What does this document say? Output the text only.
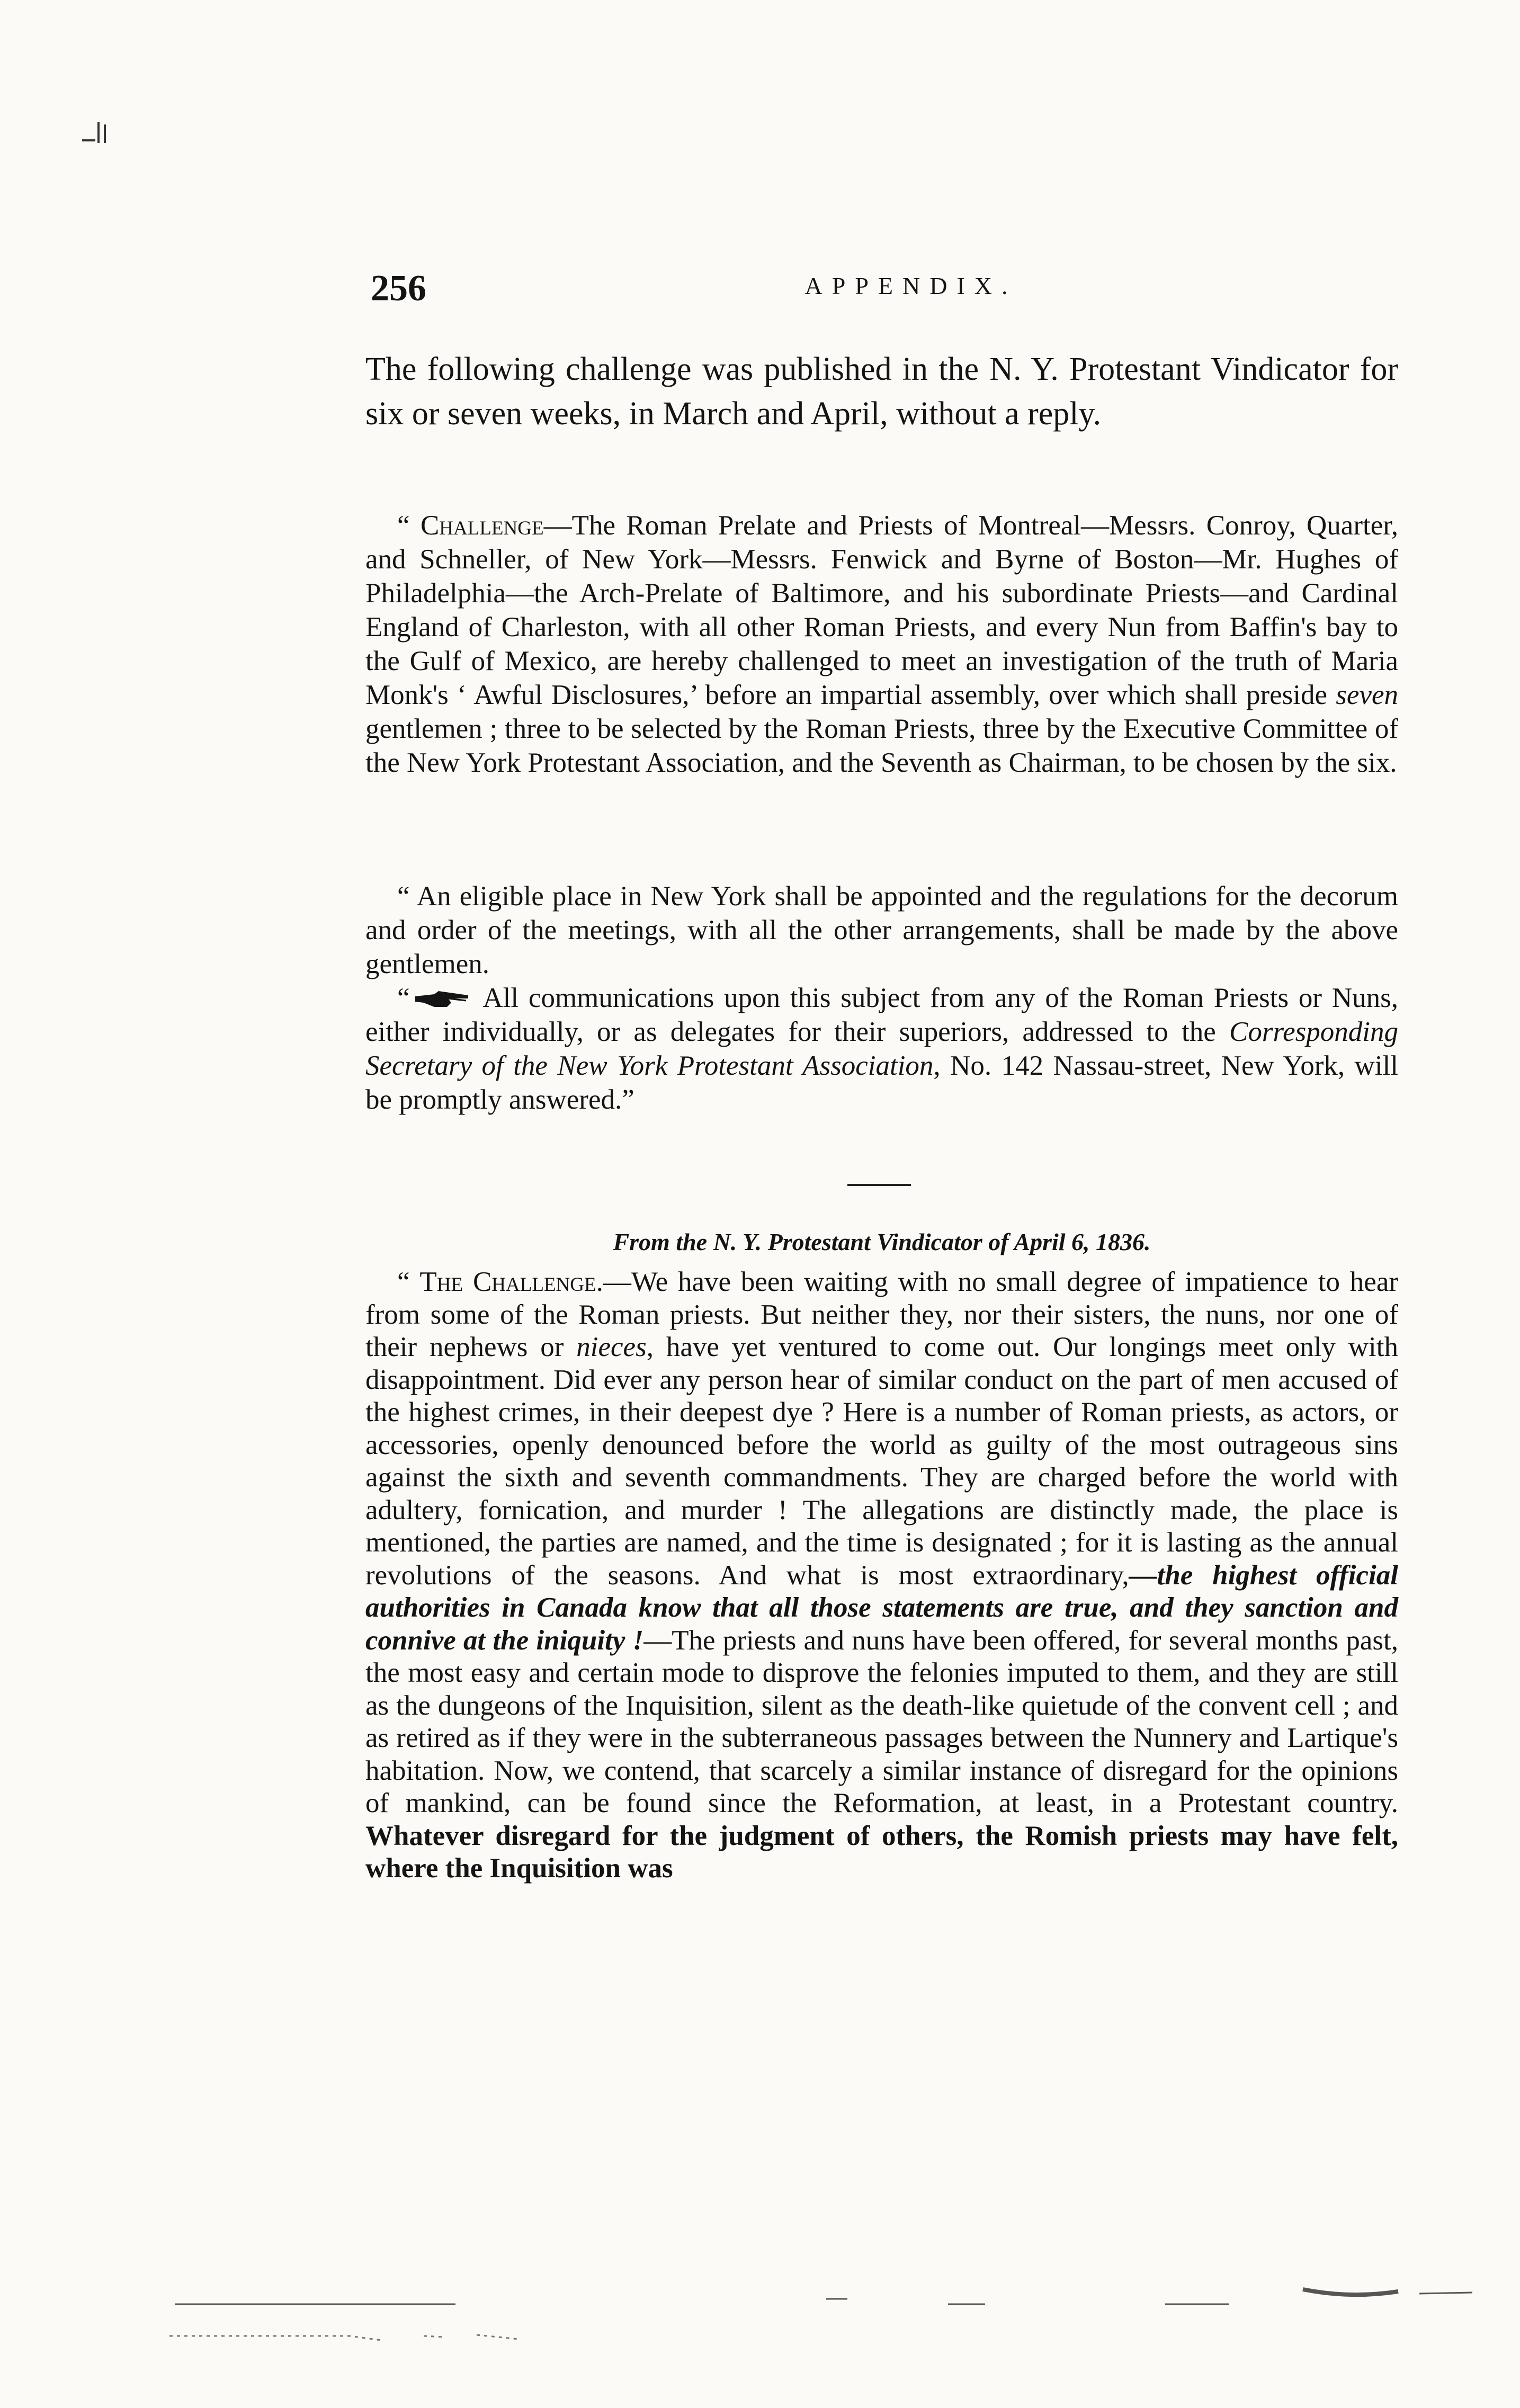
256	APPENDIX.

The following challenge was published in the N. Y. Protestant Vindicator for six or seven weeks, in March and April, without a reply.

“ Challenge—The Roman Prelate and Priests of Montreal—Messrs. Conroy, Quarter, and Schneller, of New York—Messrs. Fenwick and Byrne of Boston—Mr. Hughes of Philadelphia—the Arch-Prelate of Baltimore, and his subordinate Priests—and Cardinal England of Charleston, with all other Roman Priests, and every Nun from Baffin's bay to the Gulf of Mexico, are hereby challenged to meet an investigation of the truth of Maria Monk's ‘ Awful Disclosures,’ before an impartial assembly, over which shall preside seven gentlemen ; three to be selected by the Roman Priests, three by the Executive Committee of the New York Protestant Association, and the Seventh as Chairman, to be chosen by the six.

“ An eligible place in New York shall be appointed and the regulations for the decorum and order of the meetings, with all the other arrangements, shall be made by the above gentlemen.

“ All communications upon this subject from any of the Roman Priests or Nuns, either individually, or as delegates for their superiors, addressed to the Corresponding Secretary of the New York Protestant Association, No. 142 Nassau-street, New York, will be promptly answered.”

From the N. Y. Protestant Vindicator of April 6, 1836.

“ The Challenge.—We have been waiting with no small degree of impatience to hear from some of the Roman priests. But neither they, nor their sisters, the nuns, nor one of their nephews or nieces, have yet ventured to come out. Our longings meet only with disappointment. Did ever any person hear of similar conduct on the part of men accused of the highest crimes, in their deepest dye ? Here is a number of Roman priests, as actors, or accessories, openly denounced before the world as guilty of the most outrageous sins against the sixth and seventh commandments. They are charged before the world with adultery, fornication, and murder ! The allegations are distinctly made, the place is mentioned, the parties are named, and the time is designated ; for it is lasting as the annual revolutions of the seasons. And what is most extraordinary,—the highest official authorities in Canada know that all those statements are true, and they sanction and connive at the iniquity !—The priests and nuns have been offered, for several months past, the most easy and certain mode to disprove the felonies imputed to them, and they are still as the dungeons of the Inquisition, silent as the death-like quietude of the convent cell ; and as retired as if they were in the subterraneous passages between the Nunnery and Lartique's habitation. Now, we contend, that scarcely a similar instance of disregard for the opinions of mankind, can be found since the Reformation, at least, in a Protestant country. Whatever disregard for the judgment of others, the Romish priests may have felt, where the Inquisition was
